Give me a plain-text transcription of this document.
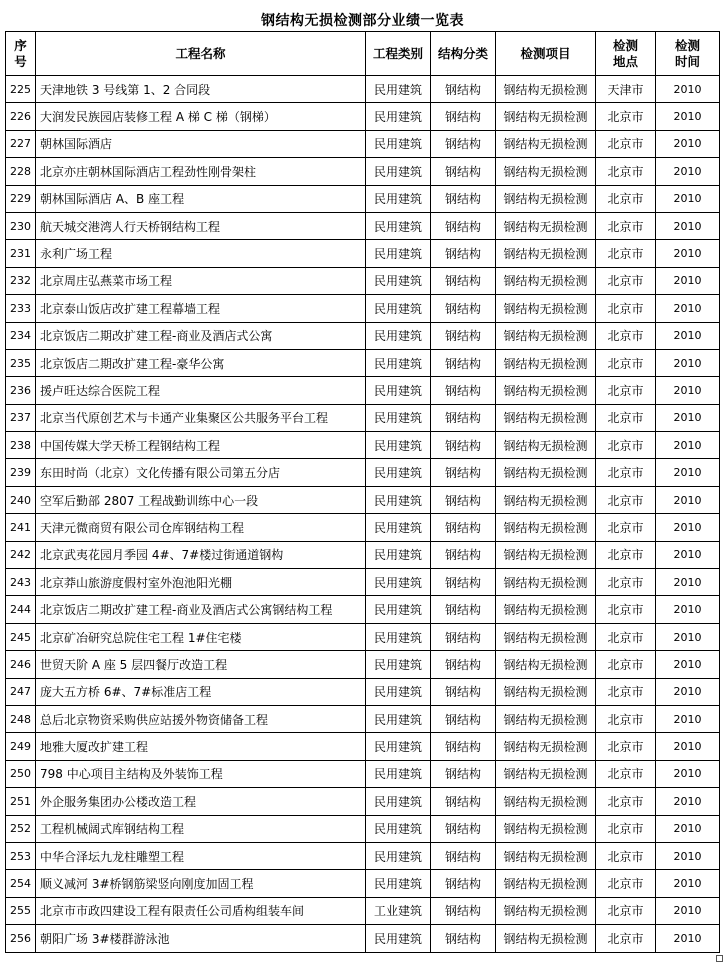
钢结构无损检测部分业绩一览表
序号	工程名称	工程类别	结构分类	检测项目	检测地点	检测时间
225	天津地铁 3 号线第 1、2 合同段	民用建筑	钢结构	钢结构无损检测	天津市	2010
226	大润发民族园店装修工程 A 梯 C 梯（钢梯）	民用建筑	钢结构	钢结构无损检测	北京市	2010
227	朝林国际酒店	民用建筑	钢结构	钢结构无损检测	北京市	2010
228	北京亦庄朝林国际酒店工程劲性刚骨架柱	民用建筑	钢结构	钢结构无损检测	北京市	2010
229	朝林国际酒店 A、B 座工程	民用建筑	钢结构	钢结构无损检测	北京市	2010
230	航天城交港湾人行天桥钢结构工程	民用建筑	钢结构	钢结构无损检测	北京市	2010
231	永利广场工程	民用建筑	钢结构	钢结构无损检测	北京市	2010
232	北京周庄弘燕菜市场工程	民用建筑	钢结构	钢结构无损检测	北京市	2010
233	北京泰山饭店改扩建工程幕墙工程	民用建筑	钢结构	钢结构无损检测	北京市	2010
234	北京饭店二期改扩建工程-商业及酒店式公寓	民用建筑	钢结构	钢结构无损检测	北京市	2010
235	北京饭店二期改扩建工程-豪华公寓	民用建筑	钢结构	钢结构无损检测	北京市	2010
236	援卢旺达综合医院工程	民用建筑	钢结构	钢结构无损检测	北京市	2010
237	北京当代原创艺术与卡通产业集聚区公共服务平台工程	民用建筑	钢结构	钢结构无损检测	北京市	2010
238	中国传媒大学天桥工程钢结构工程	民用建筑	钢结构	钢结构无损检测	北京市	2010
239	东田时尚（北京）文化传播有限公司第五分店	民用建筑	钢结构	钢结构无损检测	北京市	2010
240	空军后勤部 2807 工程战勤训练中心一段	民用建筑	钢结构	钢结构无损检测	北京市	2010
241	天津元微商贸有限公司仓库钢结构工程	民用建筑	钢结构	钢结构无损检测	北京市	2010
242	北京武夷花园月季园 4#、7#楼过街通道钢构	民用建筑	钢结构	钢结构无损检测	北京市	2010
243	北京莽山旅游度假村室外泡池阳光棚	民用建筑	钢结构	钢结构无损检测	北京市	2010
244	北京饭店二期改扩建工程-商业及酒店式公寓钢结构工程	民用建筑	钢结构	钢结构无损检测	北京市	2010
245	北京矿冶研究总院住宅工程 1#住宅楼	民用建筑	钢结构	钢结构无损检测	北京市	2010
246	世贸天阶 A 座 5 层四餐厅改造工程	民用建筑	钢结构	钢结构无损检测	北京市	2010
247	庞大五方桥 6#、7#标准店工程	民用建筑	钢结构	钢结构无损检测	北京市	2010
248	总后北京物资采购供应站援外物资储备工程	民用建筑	钢结构	钢结构无损检测	北京市	2010
249	地雅大厦改扩建工程	民用建筑	钢结构	钢结构无损检测	北京市	2010
250	798 中心项目主结构及外装饰工程	民用建筑	钢结构	钢结构无损检测	北京市	2010
251	外企服务集团办公楼改造工程	民用建筑	钢结构	钢结构无损检测	北京市	2010
252	工程机械阔式库钢结构工程	民用建筑	钢结构	钢结构无损检测	北京市	2010
253	中华合泽坛九龙柱雕塑工程	民用建筑	钢结构	钢结构无损检测	北京市	2010
254	顺义减河 3#桥钢筋梁竖向刚度加固工程	民用建筑	钢结构	钢结构无损检测	北京市	2010
255	北京市市政四建设工程有限责任公司盾构组装车间	工业建筑	钢结构	钢结构无损检测	北京市	2010
256	朝阳广场 3#楼群游泳池	民用建筑	钢结构	钢结构无损检测	北京市	2010
